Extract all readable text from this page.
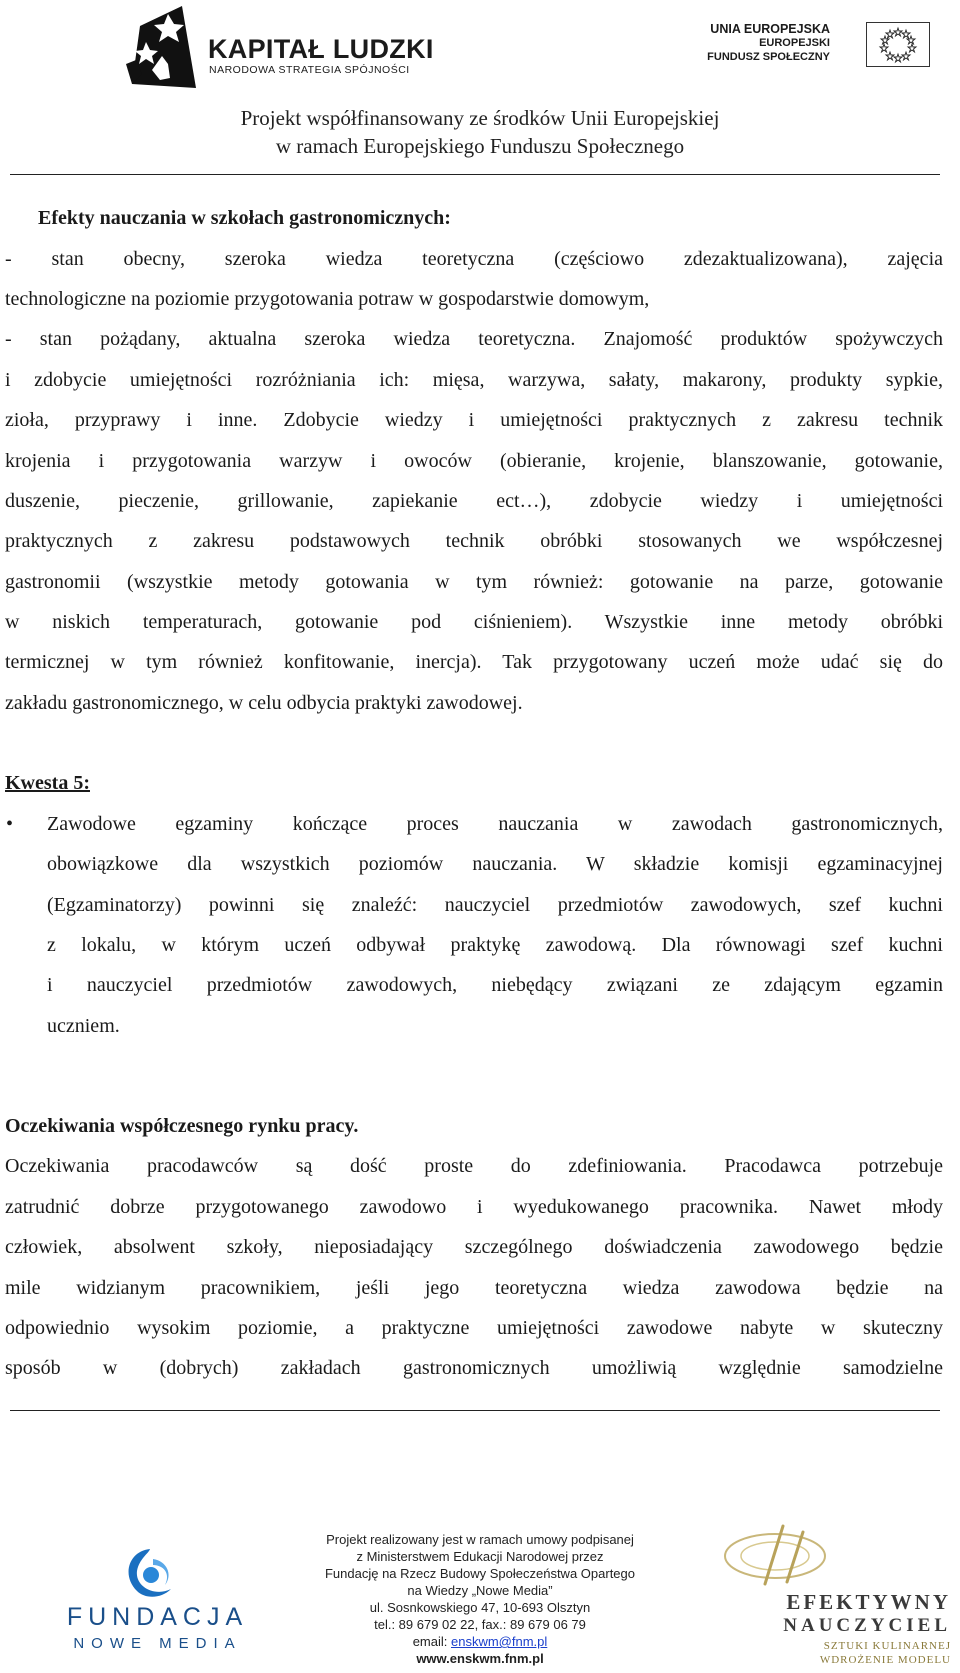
KAPITAŁ LUDZKI
NARODOWA STRATEGIA SPÓJNOŚCI
UNIA EUROPEJSKA
EUROPEJSKI
FUNDUSZ SPOŁECZNY
Projekt współfinansowany ze środków Unii Europejskiej
w ramach Europejskiego Funduszu Społecznego
Efekty nauczania w szkołach gastronomicznych:
- stan obecny, szeroka wiedza teoretyczna (częściowo zdezaktualizowana), zajęcia
technologiczne na poziomie przygotowania potraw w gospodarstwie domowym,
- stan pożądany, aktualna szeroka wiedza teoretyczna. Znajomość produktów spożywczych
i zdobycie umiejętności rozróżniania ich: mięsa, warzywa, sałaty, makarony, produkty sypkie,
zioła, przyprawy i inne. Zdobycie wiedzy i umiejętności praktycznych z zakresu technik
krojenia i przygotowania warzyw i owoców (obieranie, krojenie, blanszowanie, gotowanie,
duszenie, pieczenie, grillowanie, zapiekanie ect…), zdobycie wiedzy i umiejętności
praktycznych z zakresu podstawowych technik obróbki stosowanych we współczesnej
gastronomii (wszystkie metody gotowania w tym również: gotowanie na parze, gotowanie
w niskich temperaturach, gotowanie pod ciśnieniem). Wszystkie inne metody obróbki
termicznej w tym również konfitowanie, inercja). Tak przygotowany uczeń może udać się do
zakładu gastronomicznego, w celu odbycia praktyki zawodowej.
Kwesta 5:
• Zawodowe egzaminy kończące proces nauczania w zawodach gastronomicznych,
obowiązkowe dla wszystkich poziomów nauczania. W składzie komisji egzaminacyjnej
(Egzaminatorzy) powinni się znaleźć: nauczyciel przedmiotów zawodowych, szef kuchni
z lokalu, w którym uczeń odbywał praktykę zawodową. Dla równowagi szef kuchni
i nauczyciel przedmiotów zawodowych, niebędący związani ze zdającym egzamin
uczniem.
Oczekiwania współczesnego rynku pracy.
Oczekiwania pracodawców są dość proste do zdefiniowania. Pracodawca potrzebuje
zatrudnić dobrze przygotowanego zawodowo i wyedukowanego pracownika. Nawet młody
człowiek, absolwent szkoły, nieposiadający szczególnego doświadczenia zawodowego będzie
mile widzianym pracownikiem, jeśli jego teoretyczna wiedza zawodowa będzie na
odpowiednio wysokim poziomie, a praktyczne umiejętności zawodowe nabyte w skuteczny
sposób w (dobrych) zakładach gastronomicznych umożliwią względnie samodzielne
FUNDACJA
NOWE MEDIA
Projekt realizowany jest w ramach umowy podpisanej
z Ministerstwem Edukacji Narodowej przez
Fundację na Rzecz Budowy Społeczeństwa Opartego
na Wiedzy „Nowe Media”
ul. Sosnkowskiego 47, 10-693 Olsztyn
tel.: 89 679 02 22, fax.: 89 679 06 79
email: enskwm@fnm.pl
www.enskwm.fnm.pl
EFEKTYWNY
NAUCZYCIEL
SZTUKI KULINARNEJ
WDROŻENIE MODELU
